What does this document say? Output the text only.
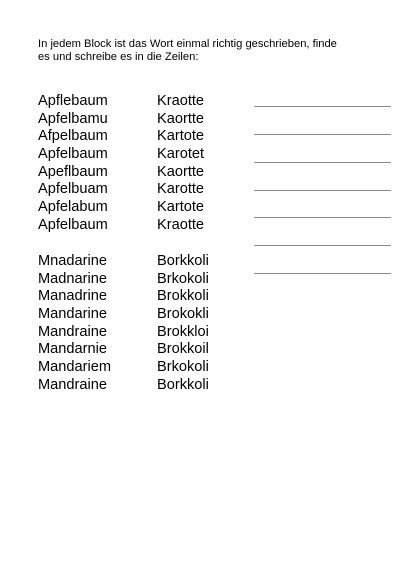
In jedem Block ist das Wort einmal richtig geschrieben, finde
es und schreibe es in die Zeilen:
Apflebaum
Apfelbamu
Afpelbaum
Apfelbaum
Apeflbaum
Apfelbuam
Apfelabum
Apfelbaum
Kraotte
Kaortte
Kartote
Karotet
Kaortte
Karotte
Kartote
Kraotte
Mnadarine
Madnarine
Manadrine
Mandarine
Mandraine
Mandarnie
Mandariem
Mandraine
Borkkoli
Brkokoli
Brokkoli
Brokokli
Brokkloi
Brokkoil
Brkokoli
Borkkoli
